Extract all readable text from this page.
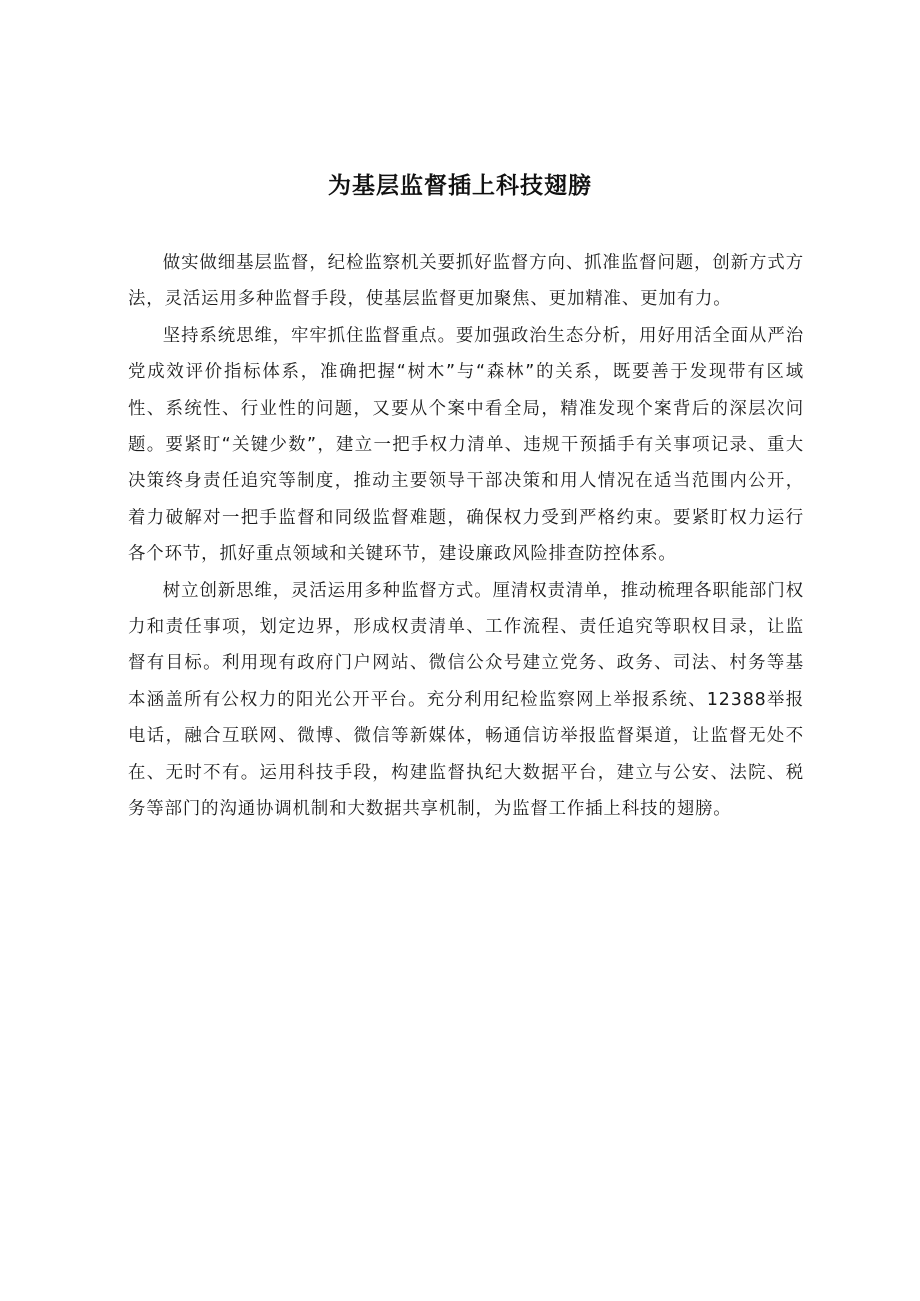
为基层监督插上科技翅膀

做实做细基层监督，纪检监察机关要抓好监督方向、抓准监督问题，创新方式方法，灵活运用多种监督手段，使基层监督更加聚焦、更加精准、更加有力。

坚持系统思维，牢牢抓住监督重点。要加强政治生态分析，用好用活全面从严治党成效评价指标体系，准确把握“树木”与“森林”的关系，既要善于发现带有区域性、系统性、行业性的问题，又要从个案中看全局，精准发现个案背后的深层次问题。要紧盯“关键少数”，建立一把手权力清单、违规干预插手有关事项记录、重大决策终身责任追究等制度，推动主要领导干部决策和用人情况在适当范围内公开，着力破解对一把手监督和同级监督难题，确保权力受到严格约束。要紧盯权力运行各个环节，抓好重点领域和关键环节，建设廉政风险排查防控体系。

树立创新思维，灵活运用多种监督方式。厘清权责清单，推动梳理各职能部门权力和责任事项，划定边界，形成权责清单、工作流程、责任追究等职权目录，让监督有目标。利用现有政府门户网站、微信公众号建立党务、政务、司法、村务等基本涵盖所有公权力的阳光公开平台。充分利用纪检监察网上举报系统、12388举报电话，融合互联网、微博、微信等新媒体，畅通信访举报监督渠道，让监督无处不在、无时不有。运用科技手段，构建监督执纪大数据平台，建立与公安、法院、税务等部门的沟通协调机制和大数据共享机制，为监督工作插上科技的翅膀。
